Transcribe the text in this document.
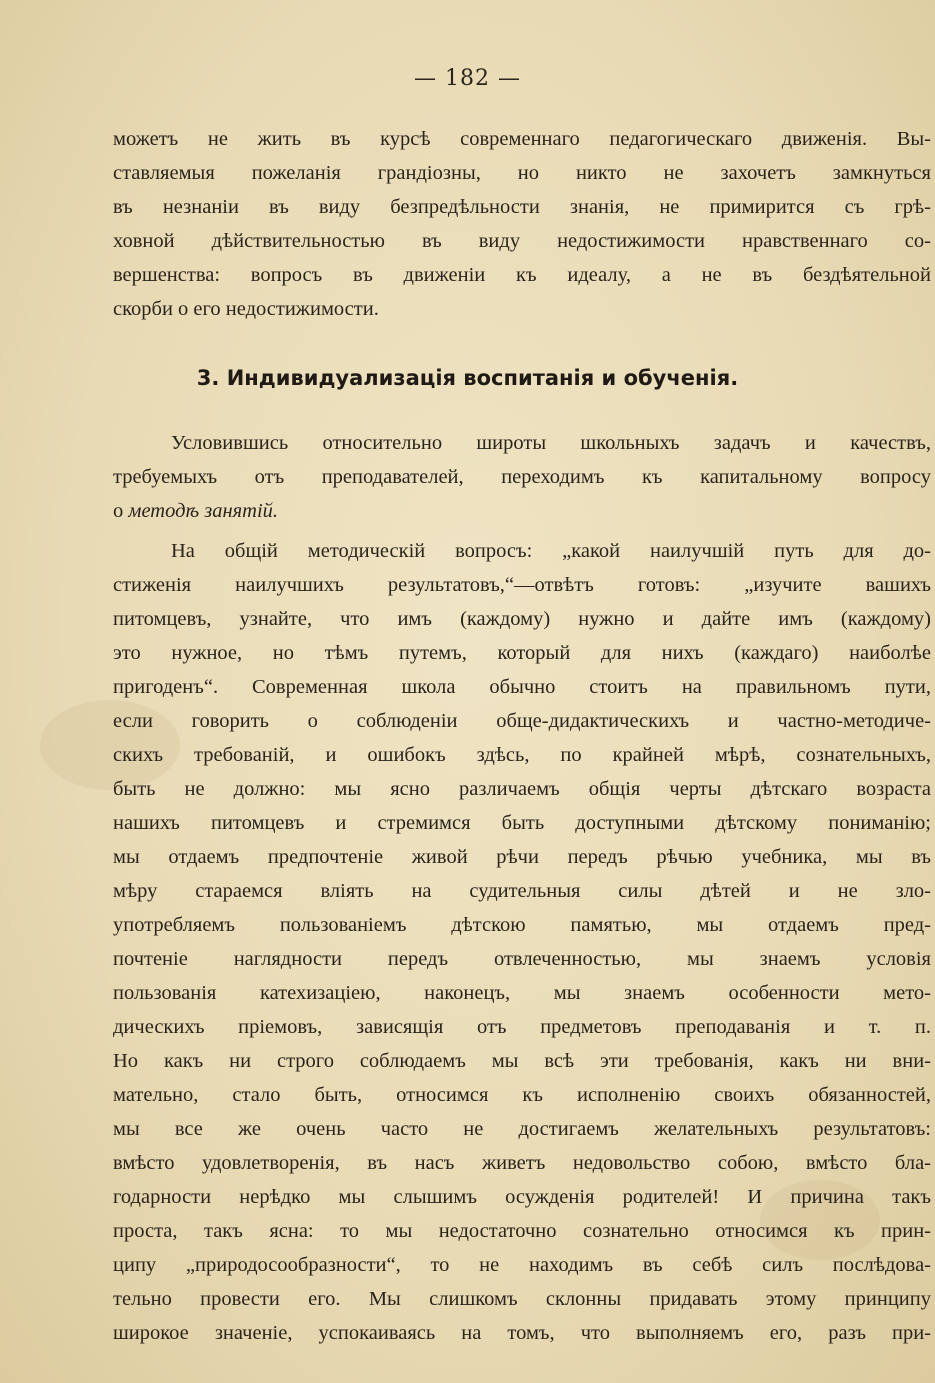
— 182 —
можетъ не жить въ курсѣ современнаго педагогическаго движенія. Вы-
ставляемыя пожеланія грандіозны, но никто не захочетъ замкнуться
въ незнаніи въ виду безпредѣльности знанія, не примирится съ грѣ-
ховной дѣйствительностью въ виду недостижимости нравственнаго со-
вершенства: вопросъ въ движеніи къ идеалу, а не въ бездѣятельной
скорби о его недостижимости.
3. Индивидуализація воспитанія и обученія.
Условившись относительно широты школьныхъ задачъ и качествъ,
требуемыхъ отъ преподавателей, переходимъ къ капитальному вопросу
о методѣ занятій.
На общій методическій вопросъ: „какой наилучшій путь для до-
стиженія наилучшихъ результатовъ,“—отвѣтъ готовъ: „изучите вашихъ
питомцевъ, узнайте, что имъ (каждому) нужно и дайте имъ (каждому)
это нужное, но тѣмъ путемъ, который для нихъ (каждаго) наиболѣе
пригоденъ“. Современная школа обычно стоитъ на правильномъ пути,
если говорить о соблюденіи обще-дидактическихъ и частно-методиче-
скихъ требованій, и ошибокъ здѣсь, по крайней мѣрѣ, сознательныхъ,
быть не должно: мы ясно различаемъ общія черты дѣтскаго возраста
нашихъ питомцевъ и стремимся быть доступными дѣтскому пониманію;
мы отдаемъ предпочтеніе живой рѣчи передъ рѣчью учебника, мы въ
мѣру стараемся вліять на судительныя силы дѣтей и не зло-
употребляемъ пользованіемъ дѣтскою памятью, мы отдаемъ пред-
почтеніе наглядности передъ отвлеченностью, мы знаемъ условія
пользованія катехизаціею, наконецъ, мы знаемъ особенности мето-
дическихъ пріемовъ, зависящія отъ предметовъ преподаванія и т. п.
Но какъ ни строго соблюдаемъ мы всѣ эти требованія, какъ ни вни-
мательно, стало быть, относимся къ исполненію своихъ обязанностей,
мы все же очень часто не достигаемъ желательныхъ результатовъ:
вмѣсто удовлетворенія, въ насъ живетъ недовольство собою, вмѣсто бла-
годарности нерѣдко мы слышимъ осужденія родителей! И причина такъ
проста, такъ ясна: то мы недостаточно сознательно относимся къ прин-
ципу „природосообразности“, то не находимъ въ себѣ силъ послѣдова-
тельно провести его. Мы слишкомъ склонны придавать этому принципу
широкое значеніе, успокаиваясь на томъ, что выполняемъ его, разъ при-
